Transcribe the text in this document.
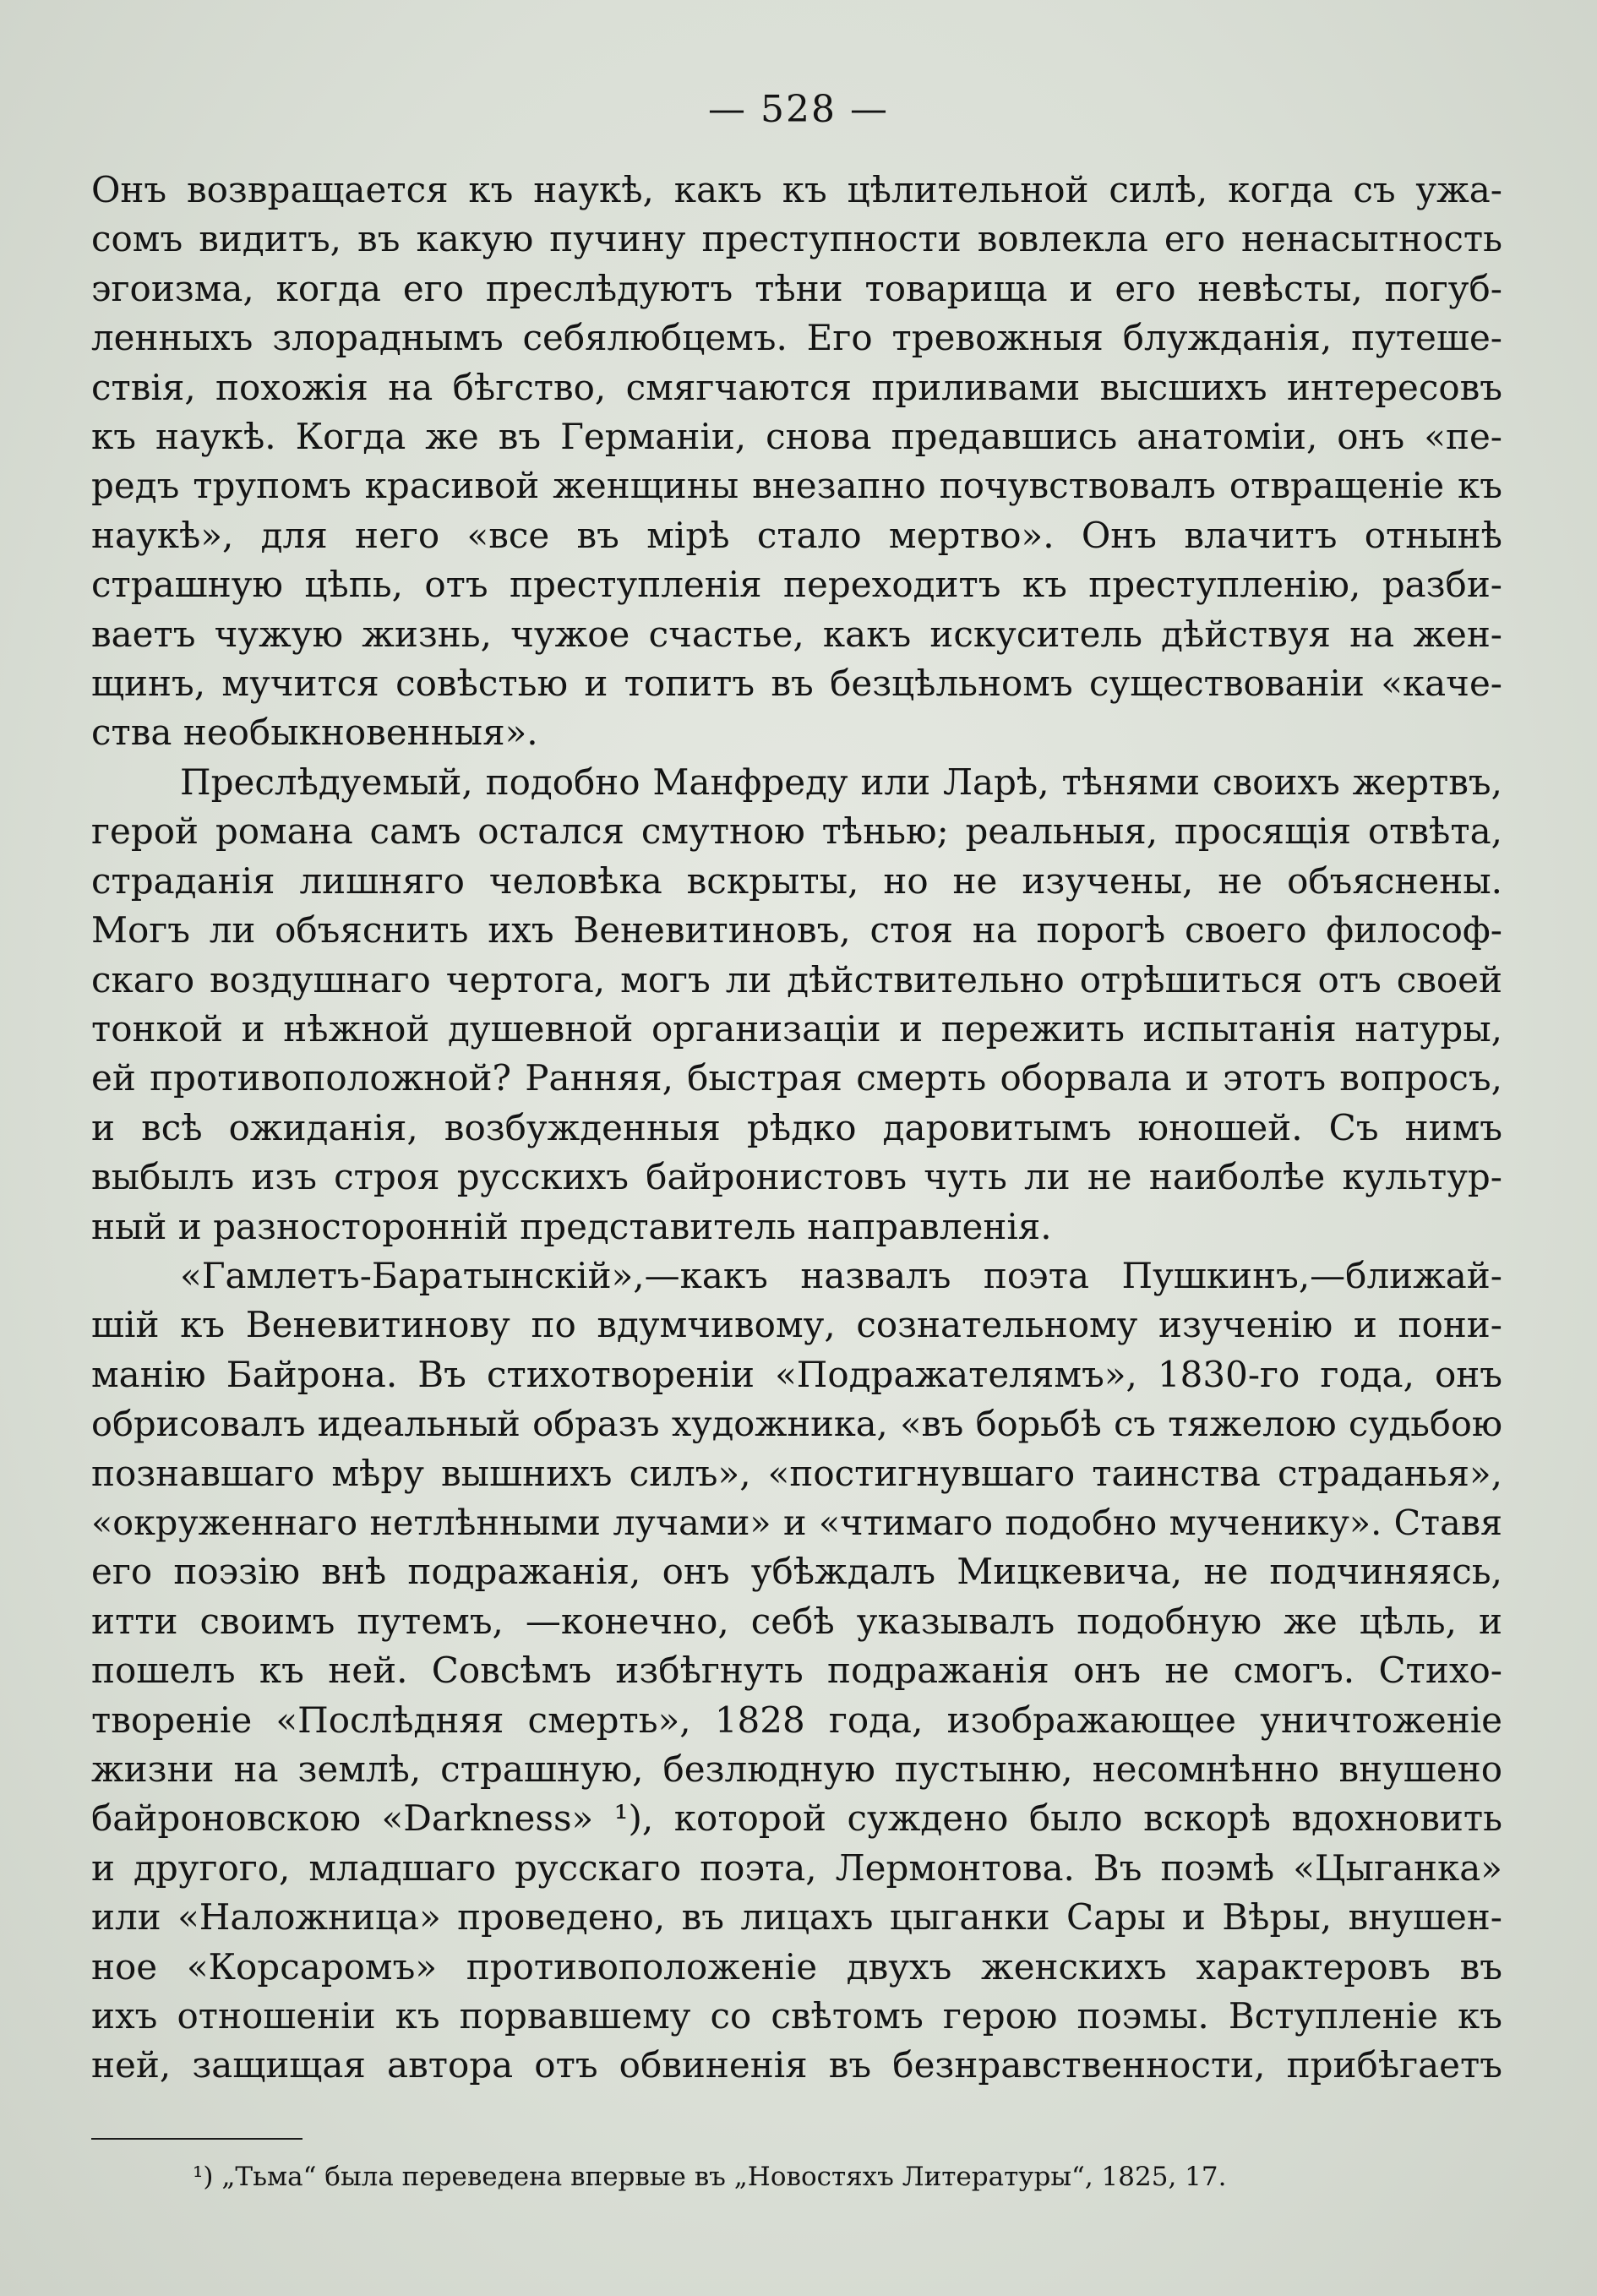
— 528 —
Онъ возвращается къ наукѣ, какъ къ цѣлительной силѣ, когда съ ужа-
сомъ видитъ, въ какую пучину преступности вовлекла его ненасытность
эгоизма, когда его преслѣдуютъ тѣни товарища и его невѣсты, погуб-
ленныхъ злораднымъ себялюбцемъ. Его тревожныя блужданія, путеше-
ствія, похожія на бѣгство, смягчаются приливами высшихъ интересовъ
къ наукѣ. Когда же въ Германіи, снова предавшись анатоміи, онъ «пе-
редъ трупомъ красивой женщины внезапно почувствовалъ отвращеніе къ
наукѣ», для него «все въ мірѣ стало мертво». Онъ влачитъ отнынѣ
страшную цѣпь, отъ преступленія переходитъ къ преступленію, разби-
ваетъ чужую жизнь, чужое счастье, какъ искуситель дѣйствуя на жен-
щинъ, мучится совѣстью и топитъ въ безцѣльномъ существованіи «каче-
ства необыкновенныя».
Преслѣдуемый, подобно Манфреду или Ларѣ, тѣнями своихъ жертвъ,
герой романа самъ остался смутною тѣнью; реальныя, просящія отвѣта,
страданія лишняго человѣка вскрыты, но не изучены, не объяснены.
Могъ ли объяснить ихъ Веневитиновъ, стоя на порогѣ своего философ-
скаго воздушнаго чертога, могъ ли дѣйствительно отрѣшиться отъ своей
тонкой и нѣжной душевной организаціи и пережить испытанія натуры,
ей противоположной? Ранняя, быстрая смерть оборвала и этотъ вопросъ,
и всѣ ожиданія, возбужденныя рѣдко даровитымъ юношей. Съ нимъ
выбылъ изъ строя русскихъ байронистовъ чуть ли не наиболѣе культур-
ный и разносторонній представитель направленія.
«Гамлетъ-Баратынскій»,—какъ назвалъ поэта Пушкинъ,—ближай-
шій къ Веневитинову по вдумчивому, сознательному изученію и пони-
манію Байрона. Въ стихотвореніи «Подражателямъ», 1830-го года, онъ
обрисовалъ идеальный образъ художника, «въ борьбѣ съ тяжелою судьбою
познавшаго мѣру вышнихъ силъ», «постигнувшаго таинства страданья»,
«окруженнаго нетлѣнными лучами» и «чтимаго подобно мученику». Ставя
его поэзію внѣ подражанія, онъ убѣждалъ Мицкевича, не подчиняясь,
итти своимъ путемъ, —конечно, себѣ указывалъ подобную же цѣль, и
пошелъ къ ней. Совсѣмъ избѣгнуть подражанія онъ не смогъ. Стихо-
твореніе «Послѣдняя смерть», 1828 года, изображающее уничтоженіе
жизни на землѣ, страшную, безлюдную пустыню, несомнѣнно внушено
байроновскою «Darkness» ¹), которой суждено было вскорѣ вдохновить
и другого, младшаго русскаго поэта, Лермонтова. Въ поэмѣ «Цыганка»
или «Наложница» проведено, въ лицахъ цыганки Сары и Вѣры, внушен-
ное «Корсаромъ» противоположеніе двухъ женскихъ характеровъ въ
ихъ отношеніи къ порвавшему со свѣтомъ герою поэмы. Вступленіе къ
ней, защищая автора отъ обвиненія въ безнравственности, прибѣгаетъ
¹) „Тьма“ была переведена впервые въ „Новостяхъ Литературы“, 1825, 17.
